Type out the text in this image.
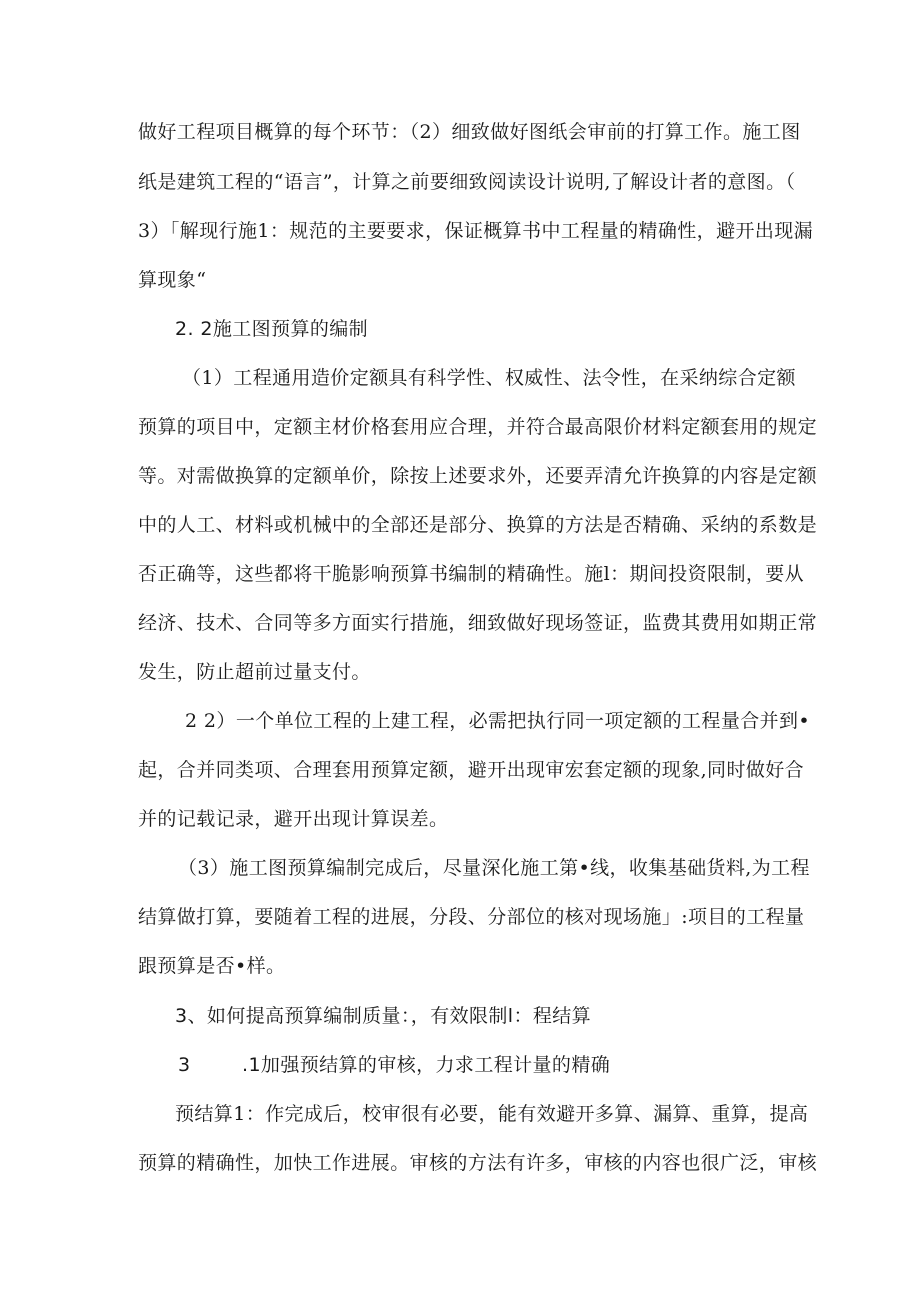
做好工程项目概算的每个环节：（2）细致做好图纸会审前的打算工作。施工图
纸是建筑工程的“语言”，计算之前要细致阅读设计说明,了解设计者的意图。（
3）「解现行施1：规范的主要要求，保证概算书中工程量的精确性，避开出现漏
算现象“
2. 2施工图预算的编制
（1）工程通用造价定额具有科学性、权威性、法令性，在采纳综合定额
预算的项目中，定额主材价格套用应合理，并符合最高限价材料定额套用的规定
等。对需做换算的定额单价，除按上述要求外，还要弄清允许换算的内容是定额
中的人工、材料或机械中的全部还是部分、换算的方法是否精确、采纳的系数是
否正确等，这些都将干脆影响预算书编制的精确性。施l：期间投资限制，要从
经济、技术、合同等多方面实行措施，细致做好现场签证，监费其费用如期正常
发生，防止超前过量支付。
2 2）一个单位工程的上建工程，必需把执行同一项定额的工程量合并到•
起，合并同类项、合理套用预算定额，避开出现审宏套定额的现象,同时做好合
并的记载记录，避开出现计算误差。
（3）施工图预算编制完成后，尽量深化施工第•线，收集基础货料,为工程
结算做打算，要随着工程的进展，分段、分部位的核对现场施」:项目的工程量
跟预算是否•样。
3、如何提高预算编制质量：，有效限制l：程结算
3	.1加强预结算的审核，力求工程计量的精确
预结算1：作完成后，校审很有必要，能有效避开多算、漏算、重算，提高
预算的精确性，加快工作进展。审核的方法有许多，审核的内容也很广泛，审核
